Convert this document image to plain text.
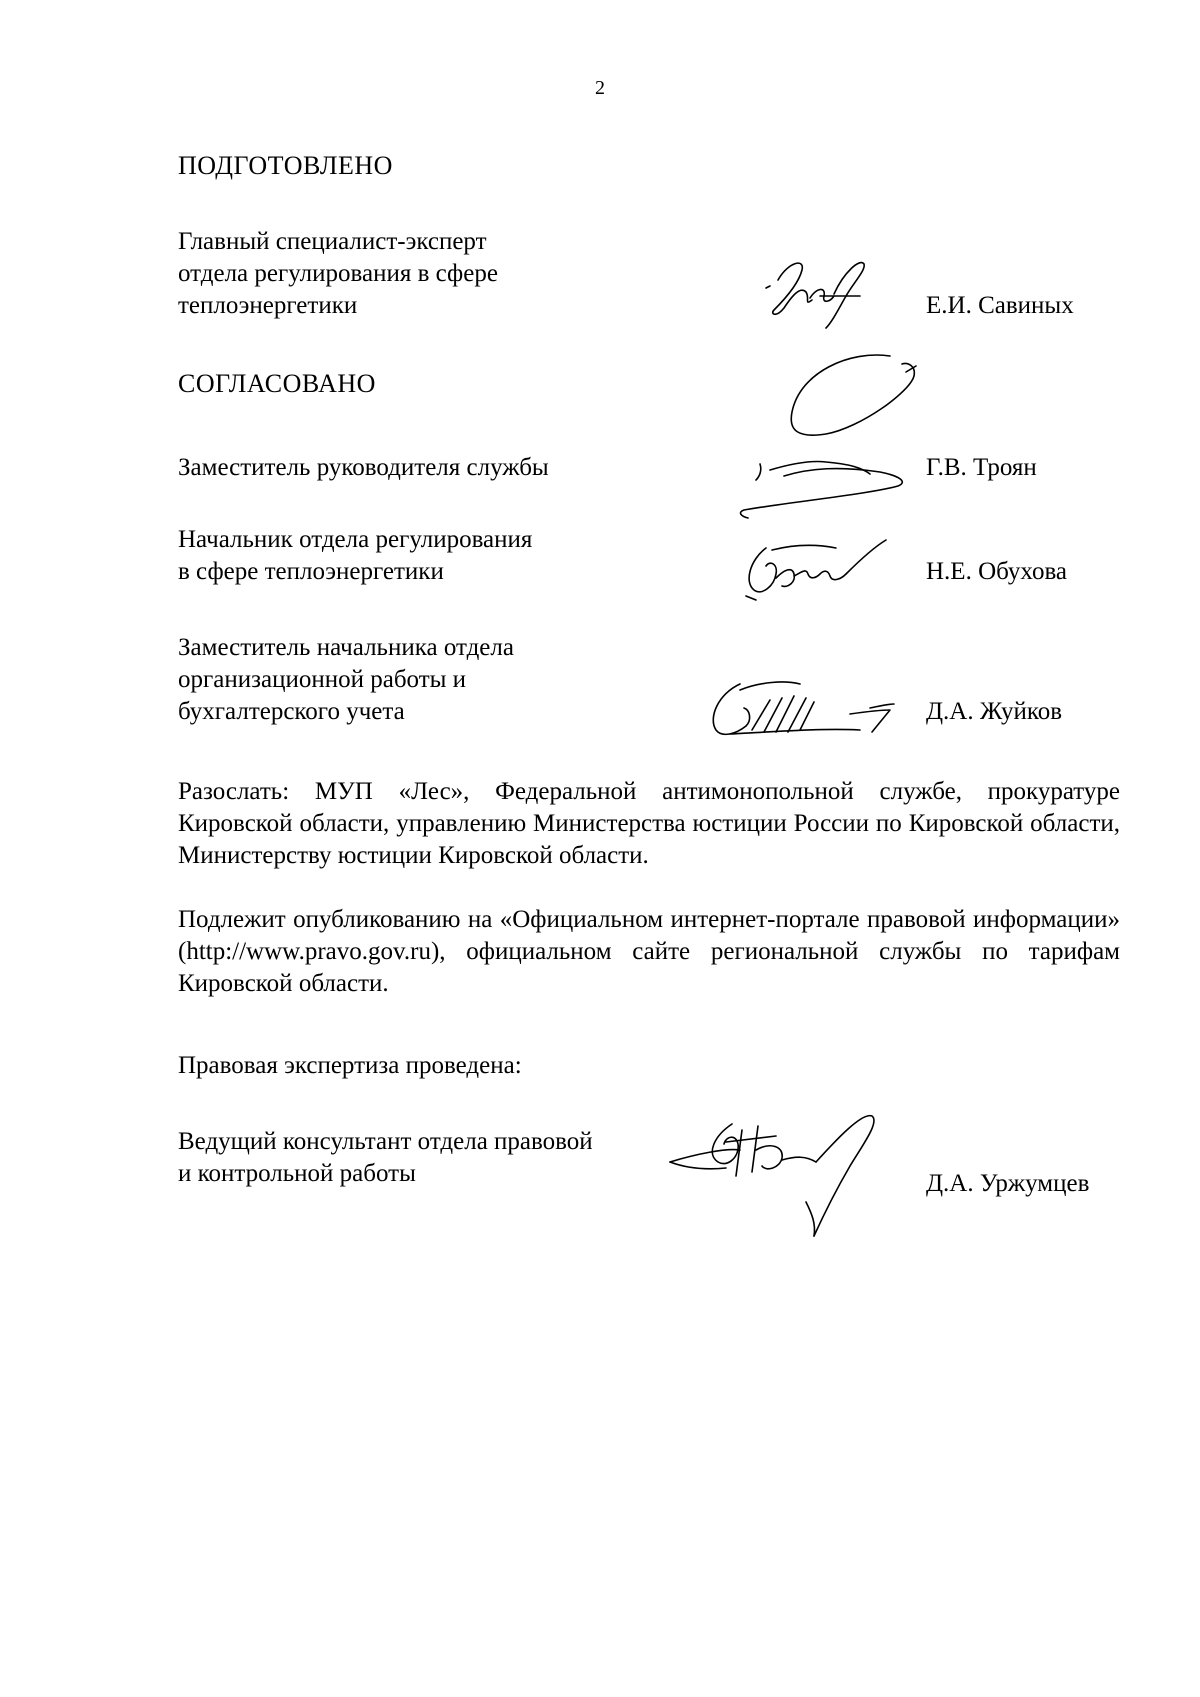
2
ПОДГОТОВЛЕНО
Главный специалист-эксперт
отдела регулирования в сфере
теплоэнергетики	Е.И. Савиных
СОГЛАСОВАНО
Заместитель руководителя службы	Г.В. Троян
Начальник отдела регулирования
в сфере теплоэнергетики	Н.Е. Обухова
Заместитель начальника отдела
организационной работы и
бухгалтерского учета	Д.А. Жуйков
Разослать: МУП «Лес», Федеральной антимонопольной службе, прокуратуре Кировской области, управлению Министерства юстиции России по Кировской области, Министерству юстиции Кировской области.
Подлежит опубликованию на «Официальном интернет-портале правовой информации» (http://www.pravo.gov.ru), официальном сайте региональной службы по тарифам Кировской области.
Правовая экспертиза проведена:
Ведущий консультант отдела правовой
и контрольной работы	Д.А. Уржумцев
